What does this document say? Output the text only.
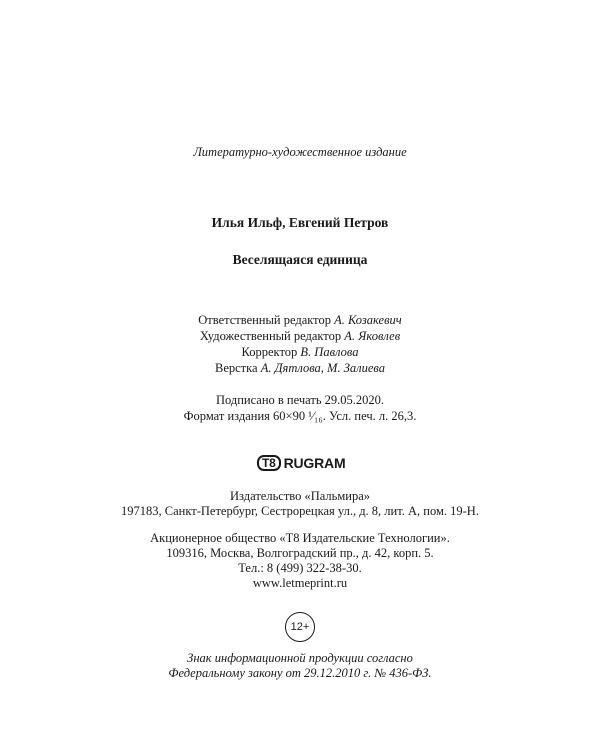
Литературно-художественное издание
Илья Ильф, Евгений Петров
Веселящаяся единица
Ответственный редактор А. Козакевич
Художественный редактор А. Яковлев
Корректор В. Павлова
Верстка А. Дятлова, М. Залиева
Подписано в печать 29.05.2020.
Формат издания 60×90 ¹⁄₁₆. Усл. печ. л. 26,3.
T8 RUGRAM
Издательство «Пальмира»
197183, Санкт-Петербург, Сестрорецкая ул., д. 8, лит. А, пом. 19-Н.
Акционерное общество «Т8 Издательские Технологии».
109316, Москва, Волгоградский пр., д. 42, корп. 5.
Тел.: 8 (499) 322-38-30.
www.letmeprint.ru
12+
Знак информационной продукции согласно
Федеральному закону от 29.12.2010 г. № 436-ФЗ.
